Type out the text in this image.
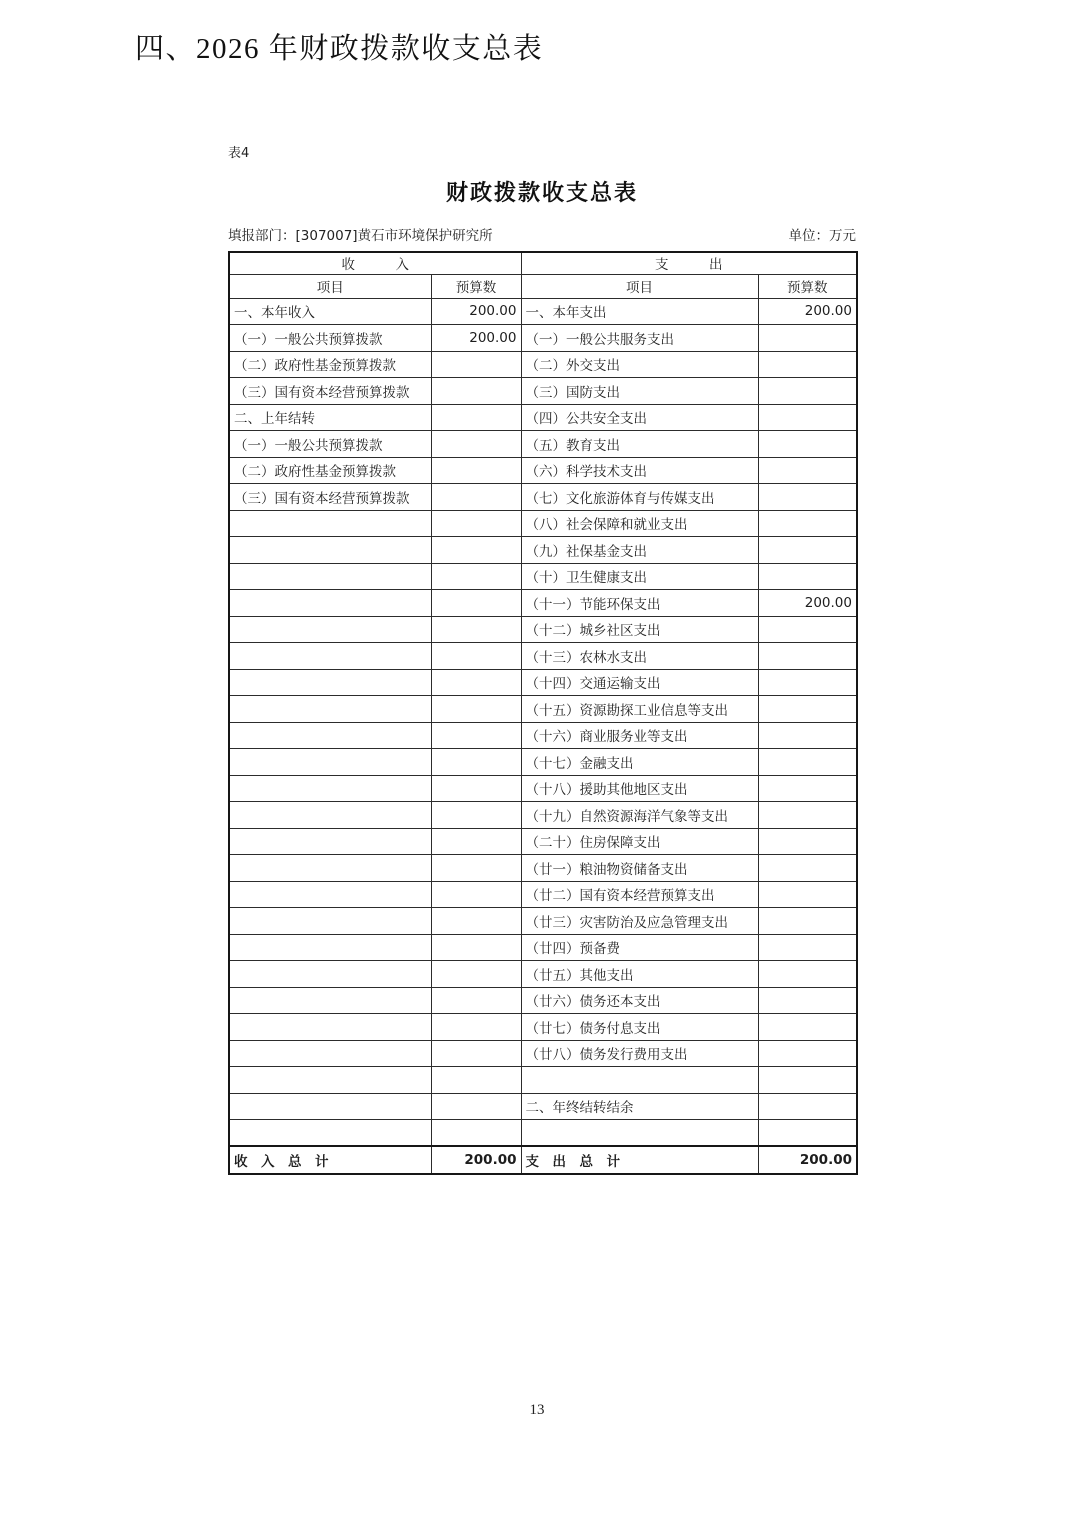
四、2026 年财政拨款收支总表
表4
财政拨款收支总表
填报部门：[307007]黄石市环境保护研究所	单位：万元
收　　　入		支　　　出	
项目	预算数	项目	预算数
一、本年收入	200.00	一、本年支出	200.00
（一）一般公共预算拨款	200.00	（一）一般公共服务支出	
（二）政府性基金预算拨款		（二）外交支出	
（三）国有资本经营预算拨款		（三）国防支出	
二、上年结转		（四）公共安全支出	
（一）一般公共预算拨款		（五）教育支出	
（二）政府性基金预算拨款		（六）科学技术支出	
（三）国有资本经营预算拨款		（七）文化旅游体育与传媒支出	
		（八）社会保障和就业支出	
		（九）社保基金支出	
		（十）卫生健康支出	
		（十一）节能环保支出	200.00
		（十二）城乡社区支出	
		（十三）农林水支出	
		（十四）交通运输支出	
		（十五）资源勘探工业信息等支出	
		（十六）商业服务业等支出	
		（十七）金融支出	
		（十八）援助其他地区支出	
		（十九）自然资源海洋气象等支出	
		（二十）住房保障支出	
		（廿一）粮油物资储备支出	
		（廿二）国有资本经营预算支出	
		（廿三）灾害防治及应急管理支出	
		（廿四）预备费	
		（廿五）其他支出	
		（廿六）债务还本支出	
		（廿七）债务付息支出	
		（廿八）债务发行费用支出	

		二、年终结转结余	

收　入　总　计	200.00	支　出　总　计	200.00
13
